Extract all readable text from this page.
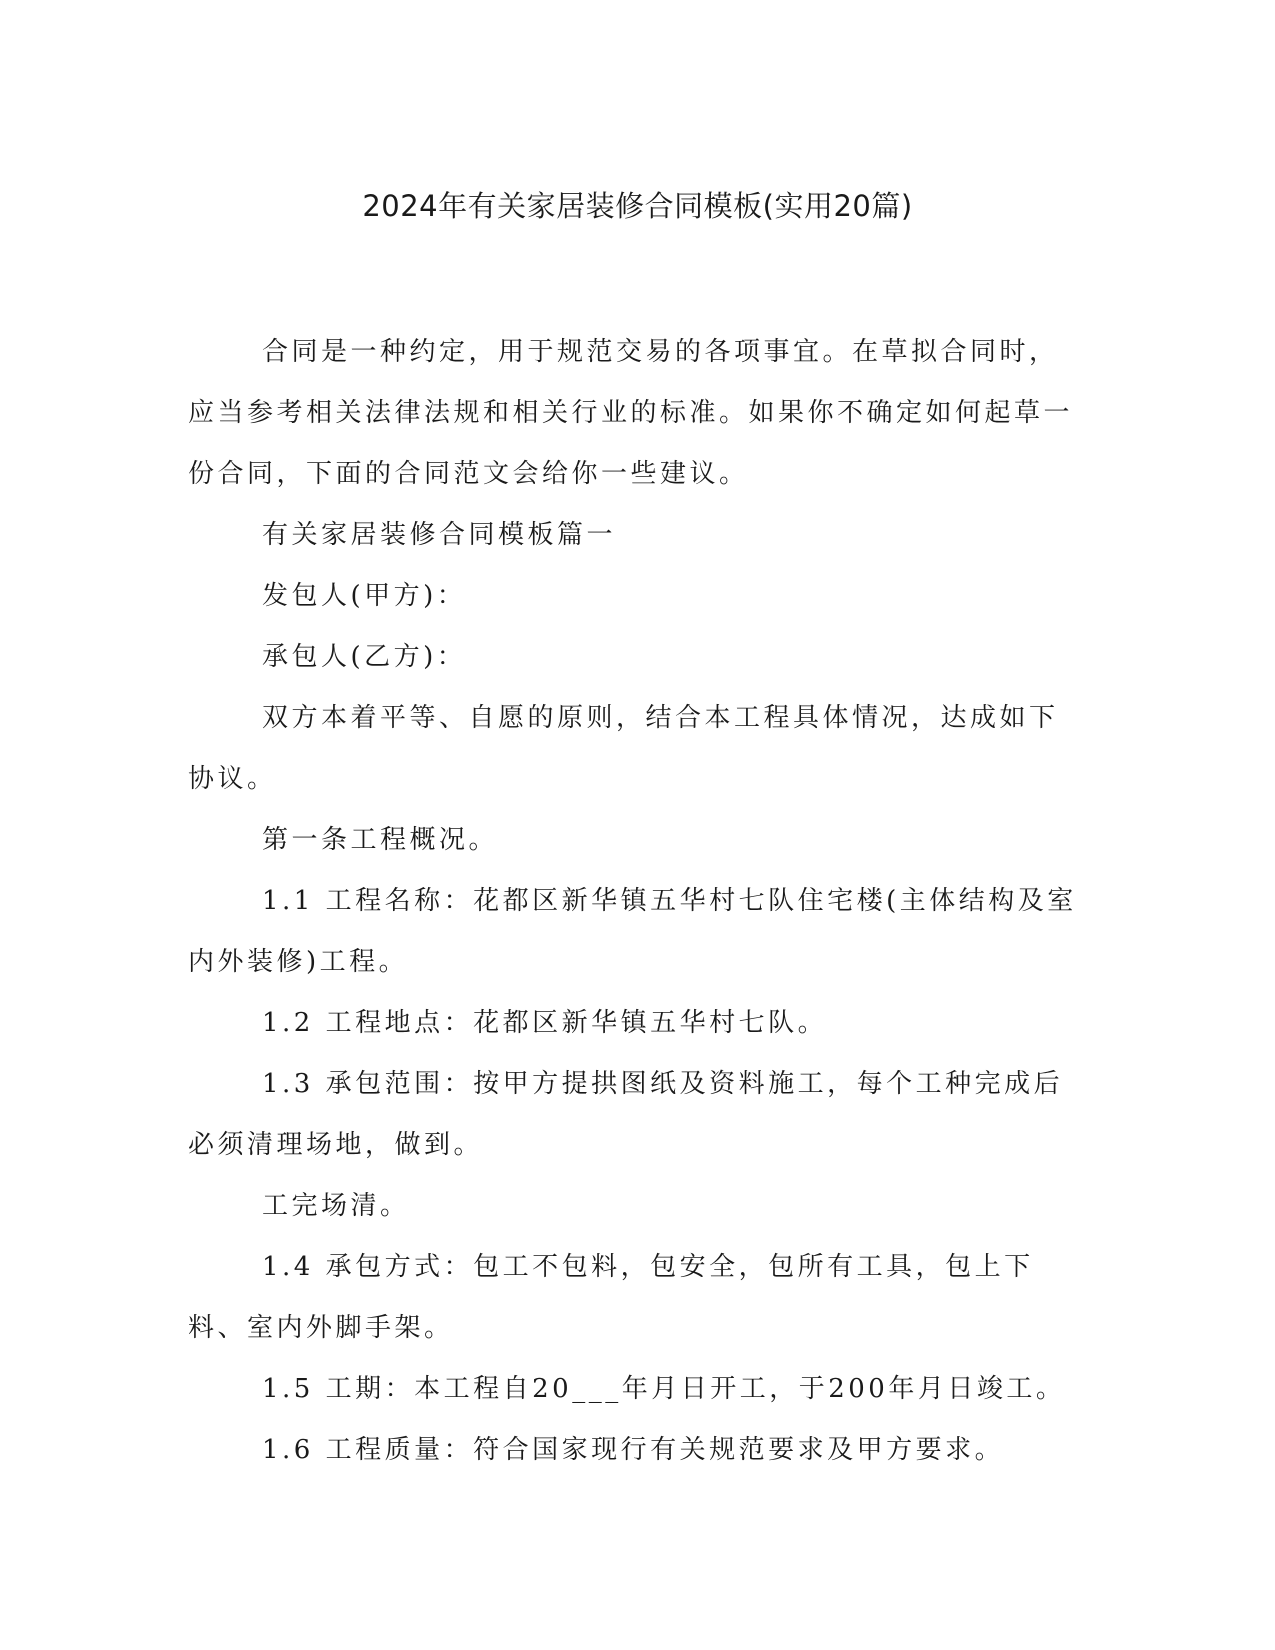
2024年有关家居装修合同模板(实用20篇)

合同是一种约定，用于规范交易的各项事宜。在草拟合同时，应当参考相关法律法规和相关行业的标准。如果你不确定如何起草一份合同，下面的合同范文会给你一些建议。

有关家居装修合同模板篇一

发包人(甲方)：

承包人(乙方)：

双方本着平等、自愿的原则，结合本工程具体情况，达成如下协议。

第一条工程概况。

1.1 工程名称：花都区新华镇五华村七队住宅楼(主体结构及室内外装修)工程。

1.2 工程地点：花都区新华镇五华村七队。

1.3 承包范围：按甲方提拱图纸及资料施工，每个工种完成后必须清理场地，做到。

工完场清。

1.4 承包方式：包工不包料，包安全，包所有工具，包上下料、室内外脚手架。

1.5 工期：本工程自20___年月日开工，于200年月日竣工。

1.6 工程质量：符合国家现行有关规范要求及甲方要求。
